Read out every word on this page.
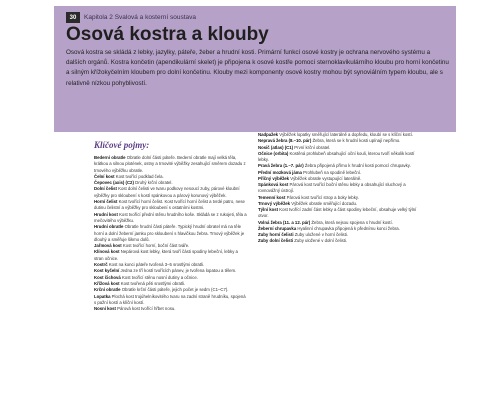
30	Kapitola 2 Svalová a kosterní soustava
Osová kostra a klouby

Osová kostra se skládá z lebky, jazylky, páteře, žeber a hrudní kosti. Primární funkcí osové kostry je ochrana nervového systému a dalších orgánů. Kostra končetin (apendikulární skelet) je připojena k osové kostře pomocí sternoklavikulárního kloubu pro horní končetinu a silným křížokyčelním kloubem pro dolní končetinu. Klouby mezi komponenty osové kostry mohou být synoviálním typem kloubu, ale s relativně nízkou pohyblivostí.

Klíčové pojmy:
Bederní obratle Obratle dolní části páteře. Bederní obratle mají velká těla, krátkou a silnou plotének, ostny a trnovité výběžky zesahující směrem dozadu z trnového výběžku obratle.
Čelní kost Kost tvořící podklad čela.
Čepovec (axis) (C2) Druhý krční obratel.
Dolní čelist Kost dolní čelisti ve tvaru podkovy nesoucí zuby, párové kloubní výběžky pro skloubení s kostí spánkovou a párový korunový výběžek.
Horní čelist Kost tvořící horní čelist. Kost tvořící horní čelist a tvrdé patro, nese dutinu čelistní a výběžky pro skloubení s ostatními kostmi.
Hrudní kost Kost tvořící přední stěnu hrudního koše. Skládá se z rukojeti, těla a mečovitého výběžku.
Hrudní obratle Obratle hrudní části páteře. Typický hrudní obratel má na těle horní a dolní žeberní jamku pro skloubení s hlavičkou žebra. Trnový výběžek je dlouhý a směřuje šikmo dolů.
Jařmová kost Kost tvořící horní, boční část tváře.
Klínová kost Nepárová kost lebky, která tvoří části spodiny lebeční, lebky a stran očnice.
Kostrč Kost na konci páteře tvořená 3–5 srostlými obratli.
Kost kyčelní Jedna ze tří kostí tvořících pánev, je tvořena lopatou a tělem.
Kost čichová Kost tvořící stěnu nosní dutiny a očnice.
Křížová kost Kost tvořená pěti srostlými obratli.
Krční obratle Obratle krční části páteře, jejich počet je sedm (C1–C7).
Lopatka Plochá kost trojúhelníkovitého tvaru na zadní straně hrudníku, spojená s pažní kostí a klíční kostí.
Nosní kost Párová kost tvořící hřbet nosu.
Nadpažek Výběžek lopatky směřující laterálně a dopředu, kloubí se s klíční kostí.
Nepravá žebra (8.–10. pár) Žebra, která se k hrudní kosti upínají nepřímo.
Nosič (atlas) (C1) První krční obratel.
Očnice (orbita) Kostěná prohlubeň obsahující oční kouli, kterou tvoří několik kostí lebky.
Pravá žebra (1.–7. pár) Žebra připojená přímo k hrudní kosti pomocí chrupavky.
Přední mozková jáma Prohlubeň na spodině lebeční.
Příčný výběžek Výběžek obratle vystupující laterálně.
Spánková kost Párová kost tvořící boční stěnu lebky a obsahující sluchový a rovnovážný ústrojí.
Temenní kost Párová kost tvořící strop a boky lebky.
Trnový výběžek Výběžek obratle směřující dozadu.
Týlní kost Kost tvořící zadní část lebky a část spodiny lebeční, obsahuje velký týlní otvor.
Volná žebra (11. a 12. pár) Žebra, která nejsou spojena s hrudní kostí.
Žeberní chrupavka Hyalinní chrupavka připojená k přednímu konci žebra.
Zuby horní čelisti Zuby uložené v horní čelisti.
Zuby dolní čelisti Zuby uložené v dolní čelisti.
